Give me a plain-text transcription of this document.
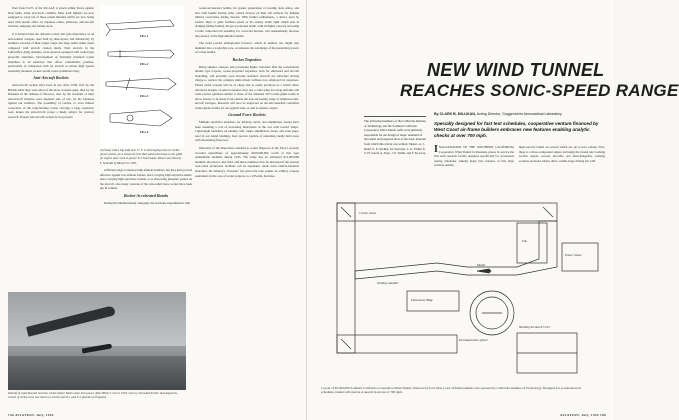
fired from P-47's of the 9th AAF, it struck telling blows against Nazi tanks, trains and truck columns. Most AAF fighters are now equipped to carry ten of these potent missiles which are now being used with deadly effect on Japanese armor, pillboxes, anti-aircraft batteries, shipping and rolling stock.

It is believed that the airborne rocket will gain importance as an anti-bomber weapon, used both by interceptors and defensively by bombers, because of their longer range and large lethal radius when compared with aircraft cannon shells. Nazi aircraft, in the Luftwaffe's dying attempts, were reported equipped with rocket-type projectile launchers. Development of internally mounted rocket launchers is an endeavor that offers considerable promise, particularly in connection with jet aircraft at whose high speeds externally mounted rockets would create prohibitive drag.

Anti-Aircraft Rockets

Anti-aircraft rockets have been in use since 1939, first by the British while they were short of the more accurate guns, then by the Russians in the defense of Moscow, later by the Germans as their anti-aircraft batteries were depleted and, of late, by the Japanese against our bombers. The possibility of control, or even limited correction, of the long-burning rocket carrying a large explosive load, makes the anti-aircraft rocket a likely subject for postwar research. Present anti-aircraft rockets do not possess

FIG-1
FIG-2
FIG-3
FIG-4
Germany had a big lead over U. S. in developing anti-air rocket power plants, as is shown by this Nazi patent drawing on the glide jet engine later used to power P-1 Nazi bomb. Patent was filed by F. Schmidt of Munich in 1931.

sufficient range to menace high altitude bombers, but they have proved effective against low altitude attacks, since carrying high explosive shells, since carrying high explosive rounds, or as showering phosphor pellets on the aircraft, also many versions of the wire-tailed more rocket have been put in combat.

Rocket-Accelerated Bombs

During the Mediterranean campaign, the Germans experimented with

rocket-accelerated bombs, for greater penetration of warship deck armor, and also with bombs having radio control devices on their tail surfaces for making limited corrections during descent. With further refinements, a device used by surface ships to glide bombers (such as the enemy bomb sight which aids in dodging falling bombs), the jet-accelerated bomb, with its higher velocity and using a radio controlled tail assembly for corrected descent, will tremendously increase the potency of the high altitude bomber.

The trend toward underground factories, which in number one might turn mankind into a troglodyte race, accentuates the advantage of the penetrating power of rocket bombs.

Rocket Torpedoes

Being simpler, cheaper, and possessing higher velocities than the conventional marine type torpedo, rocket-propelled torpedoes, both for shipboard and aircraft launching, will probably soon become standard. Aircraft are solid-fuel driving charge to replace the complex shaft-driven turbines now employed in torpedoes. Future aerial torpedo will be as cheap and as easily produced as a bomb. More advanced designs of aerial torpedoes may use a wide-wing low-drag airframe and radio-control guidance similar to those of the Standard 2U3 rocket-glider bomb in allow attacks to be made from outside the ever-increasing range of shipboard anti-aircraft barrages. Research will now be neglected on aircraft-launched controlled rocket-glider bombs for use against land, as well as marine, targets.

Ground Force Rockets

Multiple rapid-fire launchers for infantry, naval, and amphibious attacks have been assuming a role of increasing importance as the war rolls toward Tokyo. Lightweight launchers on landing craft, tanks, amphibious trucks, and even jeeps, used in our island landings, have proven capable of saturating enemy held areas with devastating firepower.

Indicative of the importance attached to rocket firepower is the Navy's recently revealed expenditure of approximately $100,000,000 worth of this type ammunition monthly during 1945. The Army has an estimated $12,000,000 monthly allocated to this field, and these estimates may be increased if the already over-taxed production facilities can be expanded. Aside from vehicle-mounted launchers, the infantry's "bazooka" has given the lone soldier an artillery weapon equivalent, in the case of rocket projects, to a 105-mm. howitzer.

Takeoff of experimental German rocket before Nazis came into power. After Hitler's rise in 1933, secrecy shrouded further developments, results of which were not shown to world until P-1 and F-2 attacks on England.
156 AVIATION, July, 1945
NEW WIND TUNNEL
REACHES SONIC-SPEED RANGE
By CLARK B. MILLIKAN, Acting Director, Guggenheim Aeronautical Laboratory
Specially designed for fast test schedules, cooperative venture financed by West Coast air-frame builders embraces new features enabling analytic checks at over 700 mph.

The following members of the California Institute of Technology and the Southern California Cooperative Wind Tunnel staffs were primarily responsible for the design of major elements of the tunnel and prepared most of the basic material from which this article was written: Messrs. A. L. Klein, E. E. Sechler, M. Serrurier, L. G. Fisher, E. V. H. Sorell, A. Fejer, J. E. Smith, and F. M. Gray. I NAUGURATION OF THE SOUTHERN CALIFORNIA Cooperative Wind Tunnel in Pasadena places in service the first such research facility designed specifically for accelerated testing schedules. Among many new features of this large variable-density,
high-velocity tunnel are several which are, up to now, unique. First, there is a three-component sphere enclosing the model and working section region; second, movable and interchangeable working sections on model tables; third, a multi-stage driving fan with
Corner vanes
Fan
Power house
Laboratory Bldg.
Decompression sphere
Working Section 8.5'x12'
Model
Settling chamber
Layout of $3,500,000 Southern California Cooperative Wind Tunnel, financed by four West Coast airframe builders and operated by California Institute of Technology. Designed for accelerated test schedules, tunnel will operate at speeds in excess of 700 mph.
AVIATION, July, 1945 186
